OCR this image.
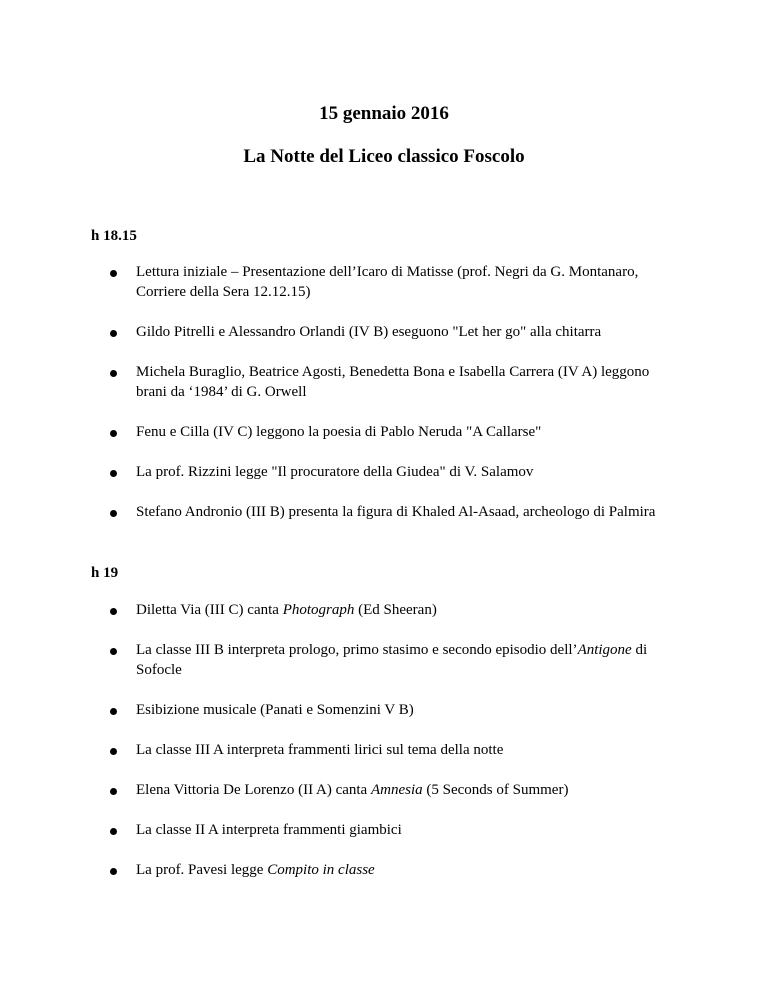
15 gennaio 2016
La Notte del Liceo classico Foscolo

h 18.15

Lettura iniziale – Presentazione dell’Icaro di Matisse (prof. Negri da G. Montanaro, Corriere della Sera 12.12.15)
Gildo Pitrelli e Alessandro Orlandi (IV B) eseguono "Let her go" alla chitarra
Michela Buraglio, Beatrice Agosti, Benedetta Bona e Isabella Carrera (IV A) leggono brani da ‘1984’ di G. Orwell
Fenu e Cilla (IV C) leggono la poesia di Pablo Neruda "A Callarse"
La prof. Rizzini legge "Il procuratore della Giudea" di V. Salamov
Stefano Andronio (III B) presenta la figura di Khaled Al-Asaad, archeologo di Palmira

h 19

Diletta Via (III C) canta Photograph (Ed Sheeran)
La classe III B interpreta prologo, primo stasimo e secondo episodio dell’Antigone di Sofocle
Esibizione musicale (Panati e Somenzini V B)
La classe III A interpreta frammenti lirici sul tema della notte
Elena Vittoria De Lorenzo (II A) canta Amnesia (5 Seconds of Summer)
La classe II A interpreta frammenti giambici
La prof. Pavesi legge Compito in classe
